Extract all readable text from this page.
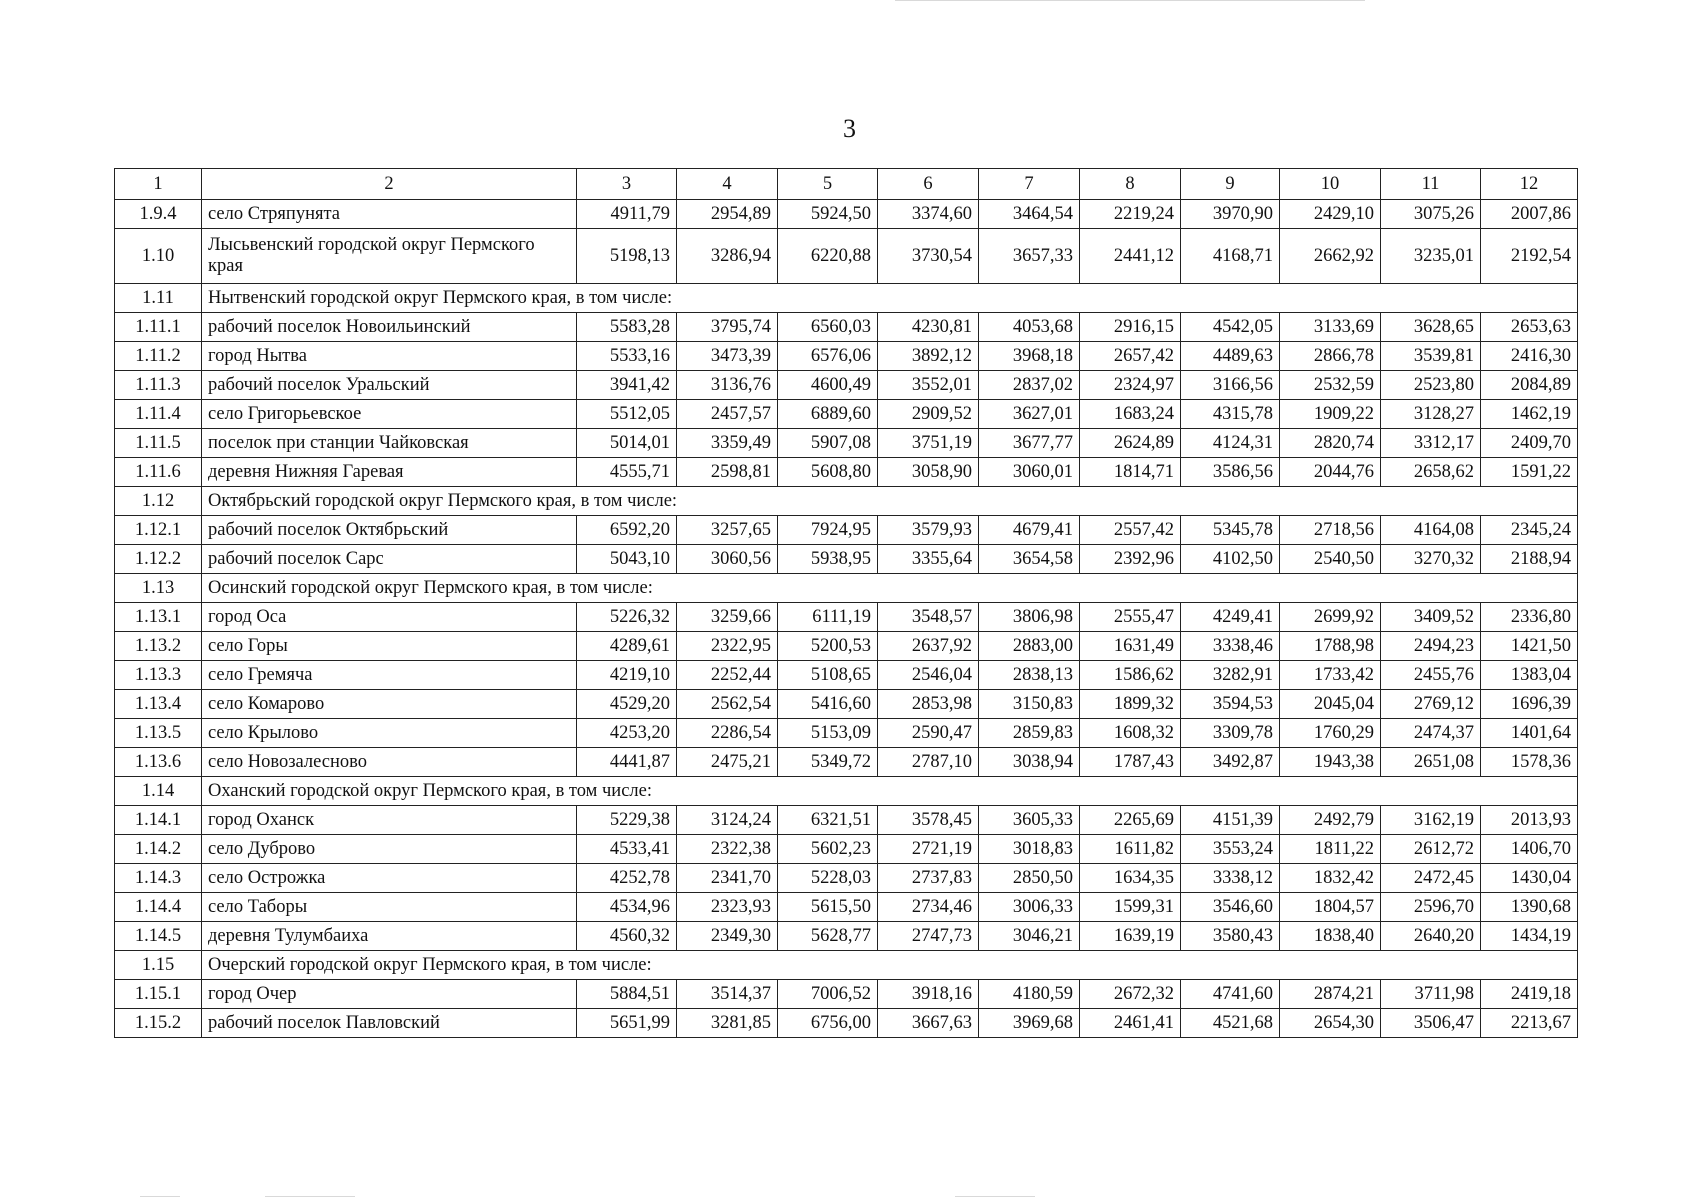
3
1	2	3	4	5	6	7	8	9	10	11	12
1.9.4	село Стряпунята	4911,79	2954,89	5924,50	3374,60	3464,54	2219,24	3970,90	2429,10	3075,26	2007,86
1.10	Лысьвенский городской округ Пермского края	5198,13	3286,94	6220,88	3730,54	3657,33	2441,12	4168,71	2662,92	3235,01	2192,54
1.11	Нытвенский городской округ Пермского края, в том числе:										
1.11.1	рабочий поселок Новоильинский	5583,28	3795,74	6560,03	4230,81	4053,68	2916,15	4542,05	3133,69	3628,65	2653,63
1.11.2	город Нытва	5533,16	3473,39	6576,06	3892,12	3968,18	2657,42	4489,63	2866,78	3539,81	2416,30
1.11.3	рабочий поселок Уральский	3941,42	3136,76	4600,49	3552,01	2837,02	2324,97	3166,56	2532,59	2523,80	2084,89
1.11.4	село Григорьевское	5512,05	2457,57	6889,60	2909,52	3627,01	1683,24	4315,78	1909,22	3128,27	1462,19
1.11.5	поселок при станции Чайковская	5014,01	3359,49	5907,08	3751,19	3677,77	2624,89	4124,31	2820,74	3312,17	2409,70
1.11.6	деревня Нижняя Гаревая	4555,71	2598,81	5608,80	3058,90	3060,01	1814,71	3586,56	2044,76	2658,62	1591,22
1.12	Октябрьский городской округ Пермского края, в том числе:										
1.12.1	рабочий поселок Октябрьский	6592,20	3257,65	7924,95	3579,93	4679,41	2557,42	5345,78	2718,56	4164,08	2345,24
1.12.2	рабочий поселок Сарс	5043,10	3060,56	5938,95	3355,64	3654,58	2392,96	4102,50	2540,50	3270,32	2188,94
1.13	Осинский городской округ Пермского края, в том числе:										
1.13.1	город Оса	5226,32	3259,66	6111,19	3548,57	3806,98	2555,47	4249,41	2699,92	3409,52	2336,80
1.13.2	село Горы	4289,61	2322,95	5200,53	2637,92	2883,00	1631,49	3338,46	1788,98	2494,23	1421,50
1.13.3	село Гремяча	4219,10	2252,44	5108,65	2546,04	2838,13	1586,62	3282,91	1733,42	2455,76	1383,04
1.13.4	село Комарово	4529,20	2562,54	5416,60	2853,98	3150,83	1899,32	3594,53	2045,04	2769,12	1696,39
1.13.5	село Крылово	4253,20	2286,54	5153,09	2590,47	2859,83	1608,32	3309,78	1760,29	2474,37	1401,64
1.13.6	село Новозалесново	4441,87	2475,21	5349,72	2787,10	3038,94	1787,43	3492,87	1943,38	2651,08	1578,36
1.14	Оханский городской округ Пермского края, в том числе:										
1.14.1	город Оханск	5229,38	3124,24	6321,51	3578,45	3605,33	2265,69	4151,39	2492,79	3162,19	2013,93
1.14.2	село Дуброво	4533,41	2322,38	5602,23	2721,19	3018,83	1611,82	3553,24	1811,22	2612,72	1406,70
1.14.3	село Острожка	4252,78	2341,70	5228,03	2737,83	2850,50	1634,35	3338,12	1832,42	2472,45	1430,04
1.14.4	село Таборы	4534,96	2323,93	5615,50	2734,46	3006,33	1599,31	3546,60	1804,57	2596,70	1390,68
1.14.5	деревня Тулумбаиха	4560,32	2349,30	5628,77	2747,73	3046,21	1639,19	3580,43	1838,40	2640,20	1434,19
1.15	Очерский городской округ Пермского края, в том числе:										
1.15.1	город Очер	5884,51	3514,37	7006,52	3918,16	4180,59	2672,32	4741,60	2874,21	3711,98	2419,18
1.15.2	рабочий поселок Павловский	5651,99	3281,85	6756,00	3667,63	3969,68	2461,41	4521,68	2654,30	3506,47	2213,67
